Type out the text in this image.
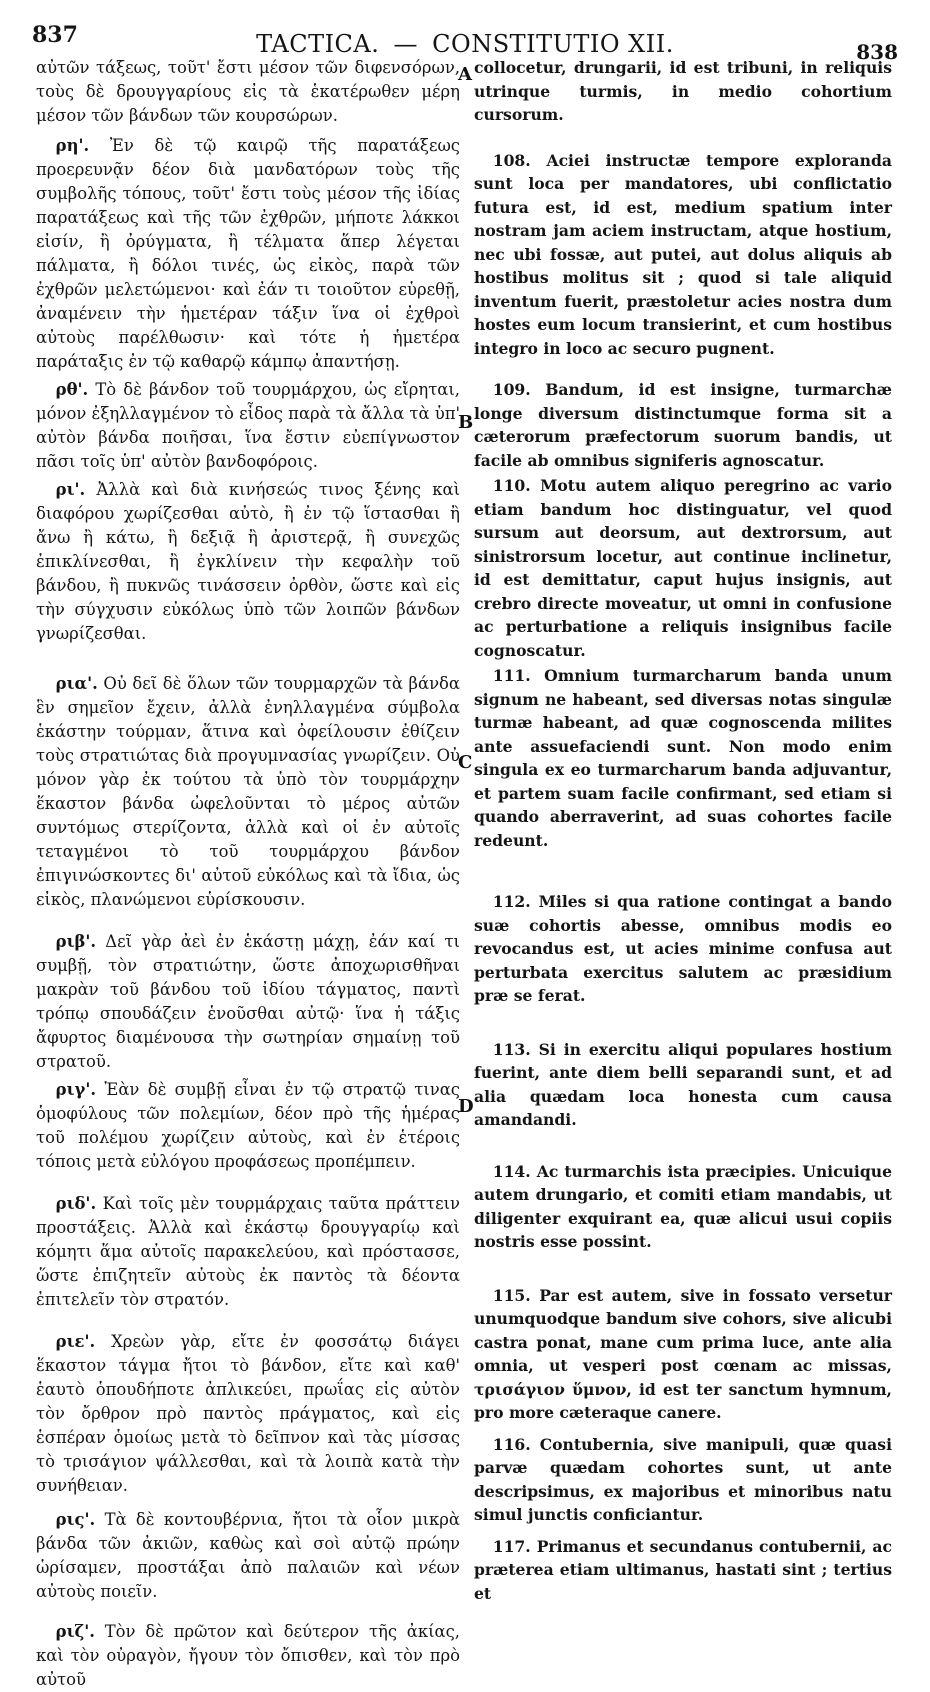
837	TACTICA. — CONSTITUTIO XII.	838

αὐτῶν τάξεως, τοῦτ' ἔστι μέσον τῶν διφενσόρων, τοὺς δὲ δρουγγαρίους εἰς τὰ ἑκατέρωθεν μέρη μέσον τῶν βάνδων τῶν κουρσώρων.

ρη'. Ἐν δὲ τῷ καιρῷ τῆς παρατάξεως προερευνᾷν δέον διὰ μανδατόρων τοὺς τῆς συμβολῆς τόπους, τοῦτ' ἔστι τοὺς μέσον τῆς ἰδίας παρατάξεως καὶ τῆς τῶν ἐχθρῶν, μήποτε λάκκοι εἰσίν, ἢ ὀρύγματα, ἢ τέλματα ἅπερ λέγεται πάλματα, ἢ δόλοι τινές, ὡς εἰκὸς, παρὰ τῶν ἐχθρῶν μελετώμενοι· καὶ ἐάν τι τοιοῦτον εὑρεθῇ, ἀναμένειν τὴν ἡμετέραν τάξιν ἵνα οἱ ἐχθροὶ αὐτοὺς παρέλθωσιν· καὶ τότε ἡ ἡμετέρα παράταξις ἐν τῷ καθαρῷ κάμπῳ ἀπαντήσῃ.

ρθ'. Τὸ δὲ βάνδον τοῦ τουρμάρχου, ὡς εἴρηται, μόνον ἐξηλλαγμένον τὸ εἶδος παρὰ τὰ ἄλλα τὰ ὑπ' αὐτὸν βάνδα ποιῆσαι, ἵνα ἔστιν εὐεπίγνωστον πᾶσι τοῖς ὑπ' αὐτὸν βανδοφόροις.

ρι'. Ἀλλὰ καὶ διὰ κινήσεώς τινος ξένης καὶ διαφόρου χωρίζεσθαι αὐτὸ, ἢ ἐν τῷ ἵστασθαι ἢ ἄνω ἢ κάτω, ἢ δεξιᾷ ἢ ἀριστερᾷ, ἢ συνεχῶς ἐπικλίνεσθαι, ἢ ἐγκλίνειν τὴν κεφαλὴν τοῦ βάνδου, ἢ πυκνῶς τινάσσειν ὀρθὸν, ὥστε καὶ εἰς τὴν σύγχυσιν εὐκόλως ὑπὸ τῶν λοιπῶν βάνδων γνωρίζεσθαι.

ρια'. Οὐ δεῖ δὲ ὅλων τῶν τουρμαρχῶν τὰ βάνδα ἓν σημεῖον ἔχειν, ἀλλὰ ἐνηλλαγμένα σύμβολα ἑκάστην τούρμαν, ἅτινα καὶ ὀφείλουσιν ἐθίζειν τοὺς στρατιώτας διὰ προγυμνασίας γνωρίζειν. Οὐ μόνον γὰρ ἐκ τούτου τὰ ὑπὸ τὸν τουρμάρχην ἕκαστον βάνδα ὠφελοῦνται τὸ μέρος αὐτῶν συντόμως στερίζοντα, ἀλλὰ καὶ οἱ ἐν αὐτοῖς τεταγμένοι τὸ τοῦ τουρμάρχου βάνδον ἐπιγινώσκοντες δι' αὐτοῦ εὐκόλως καὶ τὰ ἴδια, ὡς εἰκὸς, πλανώμενοι εὑρίσκουσιν.

ριβ'. Δεῖ γὰρ ἀεὶ ἐν ἑκάστῃ μάχῃ, ἐάν καί τι συμβῇ, τὸν στρατιώτην, ὥστε ἀποχωρισθῆναι μακρὰν τοῦ βάνδου τοῦ ἰδίου τάγματος, παντὶ τρόπῳ σπουδάζειν ἑνοῦσθαι αὐτῷ· ἵνα ἡ τάξις ἄφυρτος διαμένουσα τὴν σωτηρίαν σημαίνῃ τοῦ στρατοῦ.

ριγ'. Ἐὰν δὲ συμβῇ εἶναι ἐν τῷ στρατῷ τινας ὁμοφύλους τῶν πολεμίων, δέον πρὸ τῆς ἡμέρας τοῦ πολέμου χωρίζειν αὐτοὺς, καὶ ἐν ἑτέροις τόποις μετὰ εὐλόγου προφάσεως προπέμπειν.

ριδ'. Καὶ τοῖς μὲν τουρμάρχαις ταῦτα πράττειν προστάξεις. Ἀλλὰ καὶ ἑκάστῳ δρουγγαρίῳ καὶ κόμητι ἅμα αὐτοῖς παρακελεύου, καὶ πρόστασσε, ὥστε ἐπιζητεῖν αὐτοὺς ἐκ παντὸς τὰ δέοντα ἐπιτελεῖν τὸν στρατόν.

ριε'. Χρεὼν γὰρ, εἴτε ἐν φοσσάτῳ διάγει ἕκαστον τάγμα ἤτοι τὸ βάνδον, εἴτε καὶ καθ' ἑαυτὸ ὁπουδήποτε ἀπλικεύει, πρωΐας εἰς αὐτὸν τὸν ὄρθρον πρὸ παντὸς πράγματος, καὶ εἰς ἑσπέραν ὁμοίως μετὰ τὸ δεῖπνον καὶ τὰς μίσσας τὸ τρισάγιον ψάλλεσθαι, καὶ τὰ λοιπὰ κατὰ τὴν συνήθειαν.

ρις'. Τὰ δὲ κοντουβέρνια, ἤτοι τὰ οἷον μικρὰ βάνδα τῶν ἀκιῶν, καθὼς καὶ σοὶ αὐτῷ πρώην ὡρίσαμεν, προστάξαι ἀπὸ παλαιῶν καὶ νέων αὐτοὺς ποιεῖν.

ριζ'. Τὸν δὲ πρῶτον καὶ δεύτερον τῆς ἀκίας, καὶ τὸν οὐραγὸν, ἤγουν τὸν ὄπισθεν, καὶ τὸν πρὸ αὐτοῦ

collocetur, drungarii, id est tribuni, in reliquis utrinque turmis, in medio cohortium cursorum.

108. Aciei instructæ tempore exploranda sunt loca per mandatores, ubi conflictatio futura est, id est, medium spatium inter nostram jam aciem instructam, atque hostium, nec ubi fossæ, aut putei, aut dolus aliquis ab hostibus molitus sit ; quod si tale aliquid inventum fuerit, præstoletur acies nostra dum hostes eum locum transierint, et cum hostibus integro in loco ac securo pugnent.

109. Bandum, id est insigne, turmarchæ longe diversum distinctumque forma sit a cæterorum præfectorum suorum bandis, ut facile ab omnibus signiferis agnoscatur.

110. Motu autem aliquo peregrino ac vario etiam bandum hoc distinguatur, vel quod sursum aut deorsum, aut dextrorsum, aut sinistrorsum locetur, aut continue inclinetur, id est demittatur, caput hujus insignis, aut crebro directe moveatur, ut omni in confusione ac perturbatione a reliquis insignibus facile cognoscatur.

111. Omnium turmarcharum banda unum signum ne habeant, sed diversas notas singulæ turmæ habeant, ad quæ cognoscenda milites ante assuefaciendi sunt. Non modo enim singula ex eo turmarcharum banda adjuvantur, et partem suam facile confirmant, sed etiam si quando aberraverint, ad suas cohortes facile redeunt.

112. Miles si qua ratione contingat a bando suæ cohortis abesse, omnibus modis eo revocandus est, ut acies minime confusa aut perturbata exercitus salutem ac præsidium præ se ferat.

113. Si in exercitu aliqui populares hostium fuerint, ante diem belli separandi sunt, et ad alia quædam loca honesta cum causa amandandi.

114. Ac turmarchis ista præcipies. Unicuique autem drungario, et comiti etiam mandabis, ut diligenter exquirant ea, quæ alicui usui copiis nostris esse possint.

115. Par est autem, sive in fossato versetur unumquodque bandum sive cohors, sive alicubi castra ponat, mane cum prima luce, ante alia omnia, ut vesperi post cœnam ac missas, τρισάγιον ὕμνον, id est ter sanctum hymnum, pro more cæteraque canere.

116. Contubernia, sive manipuli, quæ quasi parvæ quædam cohortes sunt, ut ante descripsimus, ex majoribus et minoribus natu simul junctis conficiantur.

117. Primanus et secundanus contubernii, ac præterea etiam ultimanus, hastati sint ; tertius et

A
B
C
D
